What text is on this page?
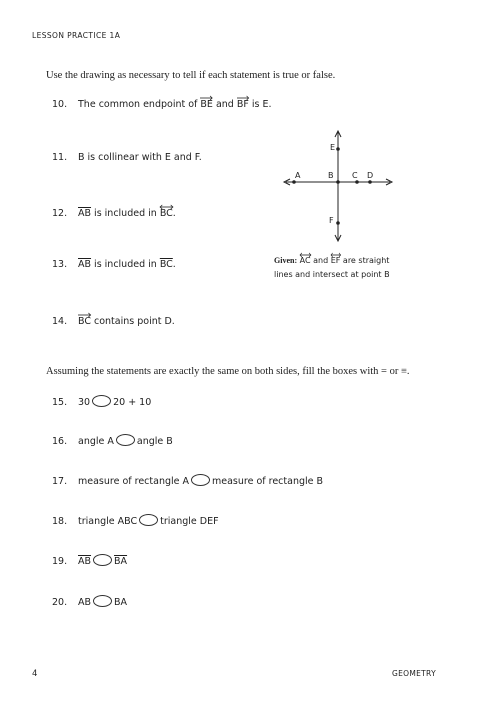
LESSON PRACTICE 1A
Use the drawing as necessary to tell if each statement is true or false.
10. The common endpoint of
BE and
BF is E.
11. B is collinear with E and F.
12. $\overline{AB}$ is included in
BC.
13. $\overline{AB}$ is included in $\overline{BC}$.
14. BC contains point D.
A	B C D
E
F
Given: AC and
EF are straight
lines and intersect at point B
Assuming the statements are exactly the same on both sides, fill the boxes with = or ≡.
15. 30 20 + 10
16. angle A angle B
17. measure of rectangle A measure of rectangle B
18. triangle ABC triangle DEF
19. $\overline{AB}$ $\overline{BA}$
20. AB BA
4	GEOMETRY
